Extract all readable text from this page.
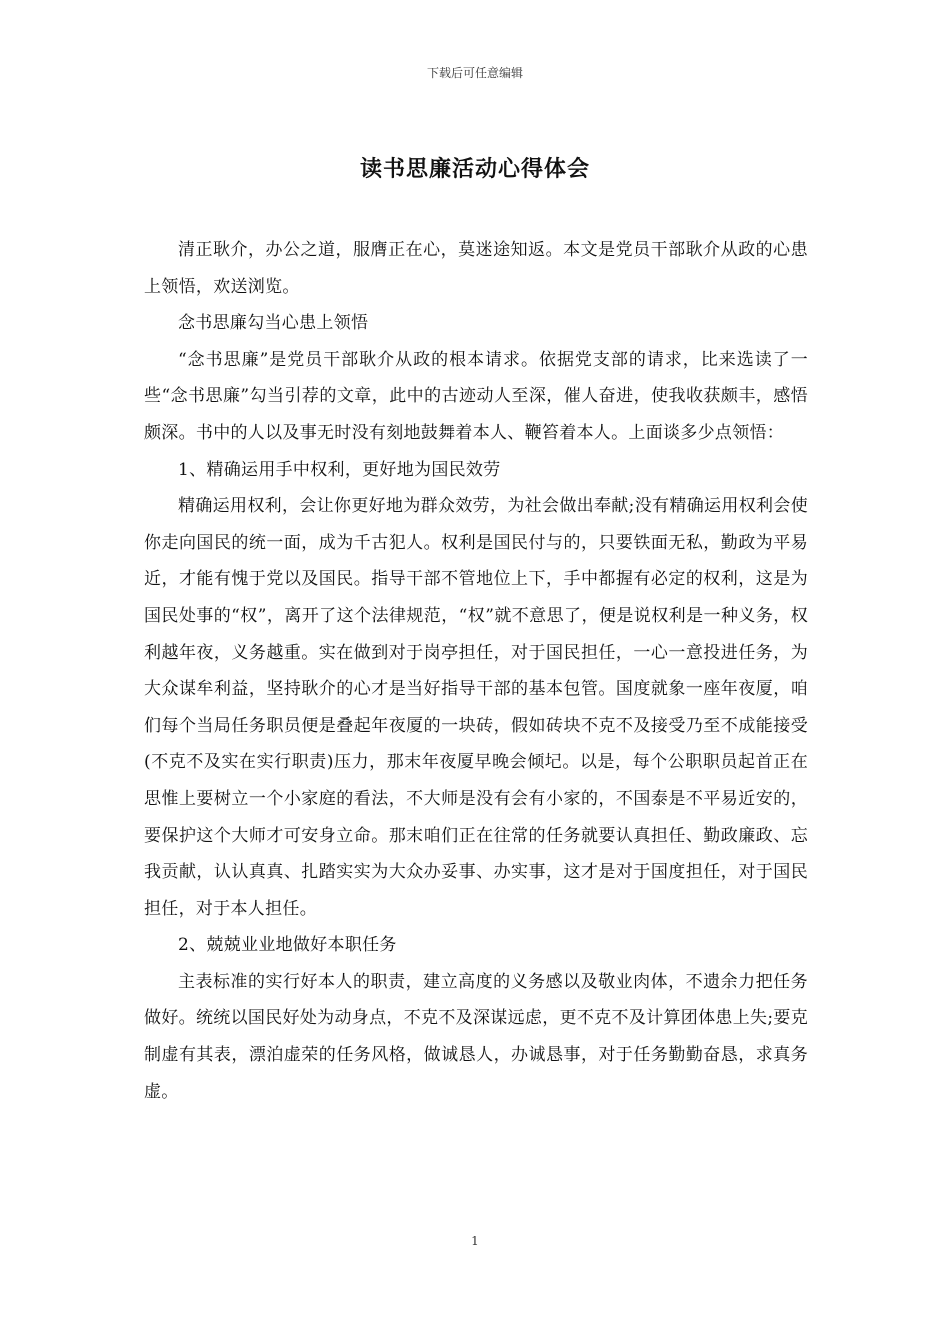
下载后可任意编辑
读书思廉活动心得体会

清正耿介，办公之道，服膺正在心，莫迷途知返。本文是党员干部耿介从政的心患上领悟，欢送浏览。

念书思廉勾当心患上领悟

“念书思廉”是党员干部耿介从政的根本请求。依据党支部的请求，比来选读了一些“念书思廉”勾当引荐的文章，此中的古迹动人至深，催人奋进，使我收获颇丰，感悟颇深。书中的人以及事无时没有刻地鼓舞着本人、鞭笞着本人。上面谈多少点领悟：

1、精确运用手中权利，更好地为国民效劳

精确运用权利，会让你更好地为群众效劳，为社会做出奉献;没有精确运用权利会使你走向国民的统一面，成为千古犯人。权利是国民付与的，只要铁面无私，勤政为平易近，才能有愧于党以及国民。指导干部不管地位上下，手中都握有必定的权利，这是为国民处事的“权”，离开了这个法律规范，“权”就不意思了，便是说权利是一种义务，权利越年夜，义务越重。实在做到对于岗亭担任，对于国民担任，一心一意投进任务，为大众谋牟利益，坚持耿介的心才是当好指导干部的基本包管。国度就象一座年夜厦，咱们每个当局任务职员便是叠起年夜厦的一块砖，假如砖块不克不及接受乃至不成能接受(不克不及实在实行职责)压力，那末年夜厦早晚会倾圮。以是，每个公职职员起首正在思惟上要树立一个小家庭的看法，不大师是没有会有小家的，不国泰是不平易近安的，要保护这个大师才可安身立命。那末咱们正在往常的任务就要认真担任、勤政廉政、忘我贡献，认认真真、扎踏实实为大众办妥事、办实事，这才是对于国度担任，对于国民担任，对于本人担任。

2、兢兢业业地做好本职任务

主表标准的实行好本人的职责，建立高度的义务感以及敬业肉体，不遗余力把任务做好。统统以国民好处为动身点，不克不及深谋远虑，更不克不及计算团体患上失;要克制虚有其表，漂泊虚荣的任务风格，做诚恳人，办诚恳事，对于任务勤勤奋恳，求真务虚。

1
